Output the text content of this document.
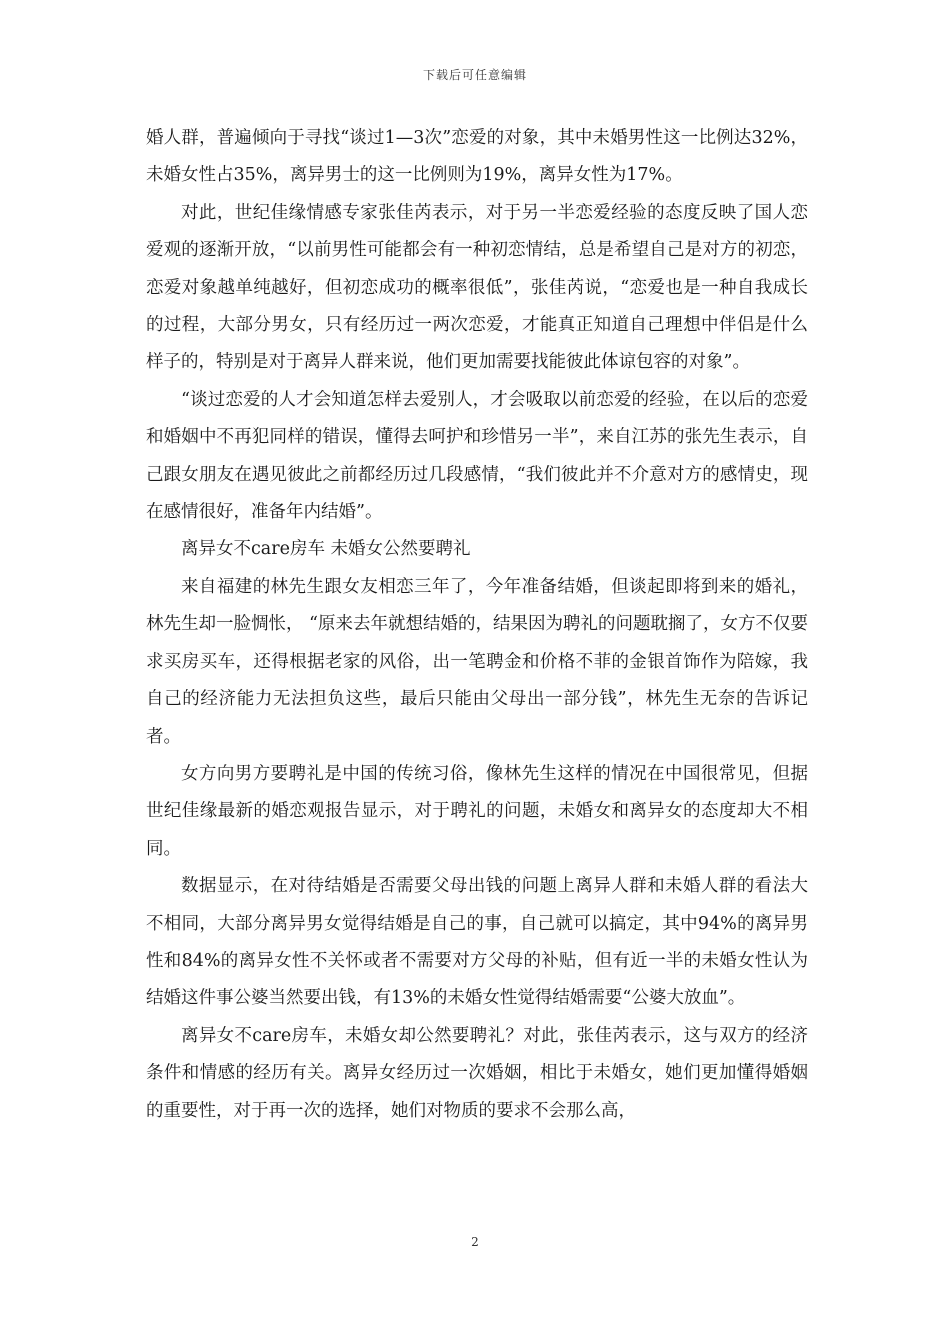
下载后可任意编辑

婚人群，普遍倾向于寻找“谈过1—3次”恋爱的对象，其中未婚男性这一比例达32%，未婚女性占35%，离异男士的这一比例则为19%，离异女性为17%。

对此，世纪佳缘情感专家张佳芮表示，对于另一半恋爱经验的态度反映了国人恋爱观的逐渐开放，“以前男性可能都会有一种初恋情结，总是希望自己是对方的初恋，恋爱对象越单纯越好，但初恋成功的概率很低”，张佳芮说，“恋爱也是一种自我成长的过程，大部分男女，只有经历过一两次恋爱，才能真正知道自己理想中伴侣是什么样子的，特别是对于离异人群来说，他们更加需要找能彼此体谅包容的对象”。

“谈过恋爱的人才会知道怎样去爱别人，才会吸取以前恋爱的经验，在以后的恋爱和婚姻中不再犯同样的错误，懂得去呵护和珍惜另一半”，来自江苏的张先生表示，自己跟女朋友在遇见彼此之前都经历过几段感情，“我们彼此并不介意对方的感情史，现在感情很好，准备年内结婚”。

离异女不care房车 未婚女公然要聘礼

来自福建的林先生跟女友相恋三年了，今年准备结婚，但谈起即将到来的婚礼，林先生却一脸惆怅， “原来去年就想结婚的，结果因为聘礼的问题耽搁了，女方不仅要求买房买车，还得根据老家的风俗，出一笔聘金和价格不菲的金银首饰作为陪嫁，我自己的经济能力无法担负这些，最后只能由父母出一部分钱”，林先生无奈的告诉记者。

女方向男方要聘礼是中国的传统习俗，像林先生这样的情况在中国很常见，但据世纪佳缘最新的婚恋观报告显示，对于聘礼的问题，未婚女和离异女的态度却大不相同。

数据显示，在对待结婚是否需要父母出钱的问题上离异人群和未婚人群的看法大不相同，大部分离异男女觉得结婚是自己的事，自己就可以搞定，其中94%的离异男性和84%的离异女性不关怀或者不需要对方父母的补贴，但有近一半的未婚女性认为结婚这件事公婆当然要出钱，有13%的未婚女性觉得结婚需要“公婆大放血”。

离异女不care房车，未婚女却公然要聘礼？对此，张佳芮表示，这与双方的经济条件和情感的经历有关。离异女经历过一次婚姻，相比于未婚女，她们更加懂得婚姻的重要性，对于再一次的选择，她们对物质的要求不会那么高，

2
